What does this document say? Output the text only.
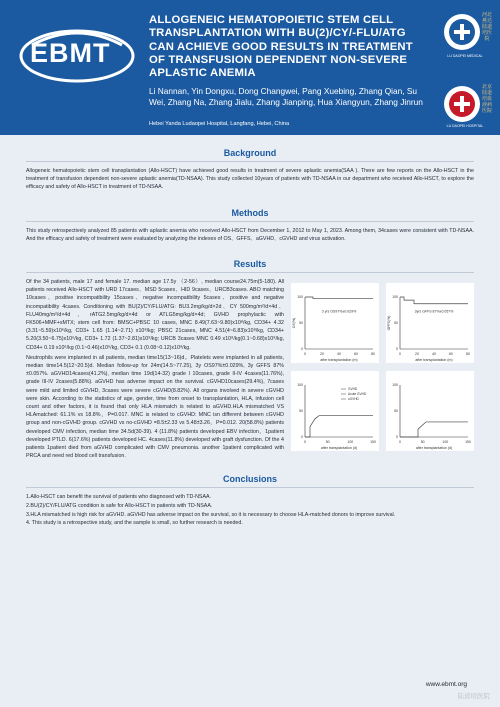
EBMT
ALLOGENEIC HEMATOPOIETIC STEM CELL TRANSPLANTATION WITH BU(2)/CY/-FLU/ATG CAN ACHIEVE GOOD RESULTS IN TREATMENT OF TRANSFUSION DEPENDENT NON-SEVERE APLASTIC ANEMIA
Li Nannan, Yin Dongxu, Dong Changwei, Pang Xuebing, Zhang Qian, Su Wei, Zhang Na, Zhang Jialu, Zhang Jianping, Hua Xiangyun, Zhang Jinrun
Hebei Yanda Ludaopei Hospital, Langfang, Hebei, China
河北燕达陆道培医院
北京陆道培血液病医院
LU DAOPEI MEDICAL
LU DAOPEI HOSPITAL
Background

Allogeneic hematopoietic stem cell transplantation (Allo-HSCT) have achieved good results in treatment of severe aplastic anemia(SAA ). There are few reports on the Allo-HSCT in the treatment of transfusion dependent non-severe aplastic anemia(TD-NSAA). This study collected 10years of patients with TD-NSAA in our department who received Allo-HSCT, to explore the efficacy and safety of Allo-HSCT in treatment of TD-NSAA.

Methods

This study retrospectively analyzed 85 patients with aplastic anemia who received Allo-HSCT from December 1, 2012 to May 1, 2023. Among them, 34cases were consistent with TD-NSAA. And the efficacy and safety of treatment were evaluated by analyzing the indexes of OS、GFFS、aGVHD、cGVHD and virus activation.

Results

Of the 34 patients, male 17 and female 17. median age 17.5y （2-56）, median course24.75m(5-180). All patients received Allo-HSCT with URD 17cases、MSD 5cases、HID 9cases、URCB3cases. ABO matching 10cases、positive incompatibility 15cases、negative incompatibility 5cases、positive and negative incompatibility 4cases. Conditioning with BU(2)/CY/FLU/ATG: BU3.2mg/kg/d×2d、CY 500mg/m²/d×4d、FLU40mg/m²/d×4d、rATG2.5mg/kg/d×4d or ATLG5mg/kg/d×4d; GVHD prophylactic with FK506+MMF+sMTX; stem cell from: BMSC+PBSC 10 cases, MNC 8.49(7.63~9.80)x10⁸/kg, CD34+ 4.32 (3.31~5.59)x10⁶/kg, CD3+ 1.65 (1.14~2.71) x10⁸/kg; PBSC 21cases, MNC 4.51(4~6.83)x10⁸/kg, CD34+ 5.20(3.50~6.75)x10⁶/kg, CD3+ 1.72 (1.37~2.81)x10⁸/kg; URCB 3cases MNC 0.49 x10⁸/kg(0.1~0.68)x10⁸/kg, CD34+ 0.19 x10⁶/kg (0.1~0.46)x10⁶/kg, CD3+ 0.1 (0.08~0.12)x10⁸/kg.

Neutrophils were implanted in all patients, median time15(13~16)d。Platelets were implanted in all patients, median time14.5(12~20.5)d. Median follow-up for 24m(14.5~77.25), 3y OS97%±0.029%, 3y GFFS 87%±0.057%. aGVHD14cases(41.2%), median time 19d(14-32) grade I 10cases, grade II-IV 4cases(11.76%), grade III-IV 2cases(5.88%). aGVHD has adverse impact on the survival. cGVHD10cases(29.4%), 7cases were mild and limited cGVHD, 3cases were severe cGVHD(8.82%). All organs involved in severe cGVHD were skin. According to the statistics of age, gender, time from onset to transplantation, HLA, infusion cell count and other factors, it is found that only HLA mismatch is related to aGVHD.HLA mismatched VS HLAmatched: 61.1% vs 18.8%，P=0.017. MNC is related to cGVHD: MNC isn different between cGVHD group and non-cGVHD group. cGVHD vs no-cGVHD =8.5±2.33 vs 5.48±3.26，P=0.012. 20(58.8%) patients developed CMV infection, median time 34.5d(30-39). 4 (11.8%) patients developed EBV infection，1patient developed PTLD. 6(17.6%) patients developed HC. 4cases(11.8%) developed with graft dysfunction. Of the 4 patients 1patient died from aGVHD complicated with CMV pneumonia. another 1patient complicated with PRCA and need red blood cell transfusion.

0	20	40	60	80
0
50
100
after transplantation (m)
OS(%)
3 yrs OS97%±0.029%
0	20	40	60	80
0
50
100
after transplantation (m)
GFFS(%)
3yrs GFFS 87%±0.057%
0	50	100	150
0
50
100
after transplantation (d)
GVHD
Acute GVHD
cGVHD
0	50	100	150
0
50
100
after transplantation (d)
Conclusions
1.Allo-HSCT can benefit the survival of patients who diagnosed with TD-NSAA.
2.BU(2)/CY/FLU/ATG condition is safe for Allo-HSCT in patients with TD-NSAA.
3.HLA mismatched is high risk for aGVHD. aGVHD has adverse impact on the survival, so it is necessary to choose HLA-matched donors to improve survival.
4. This study is a retrospective study, and the sample is small, so further research is needed.
www.ebmt.org
陆道培医院
